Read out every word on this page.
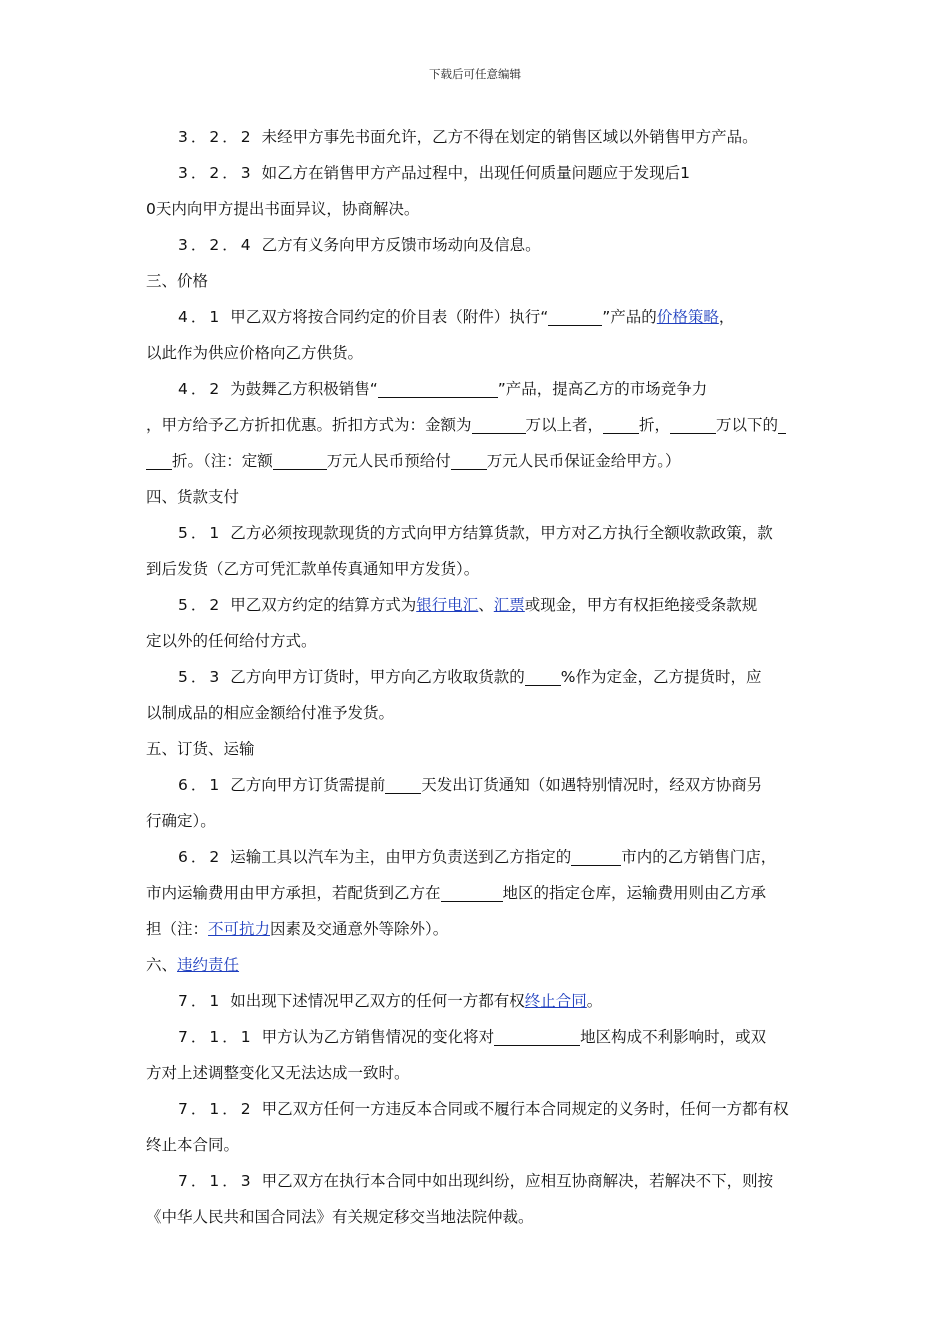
下载后可任意编辑
3．2．2 未经甲方事先书面允许，乙方不得在划定的销售区域以外销售甲方产品。
3．2．3 如乙方在销售甲方产品过程中，出现任何质量问题应于发现后1
0天内向甲方提出书面异议，协商解决。
3．2．4 乙方有义务向甲方反馈市场动向及信息。
三、价格
4．1 甲乙双方将按合同约定的价目表（附件）执行“	”产品的价格策略，
以此作为供应价格向乙方供货。
4．2 为鼓舞乙方积极销售“	”产品，提高乙方的市场竞争力
，甲方给予乙方折扣优惠。折扣方式为：金额为	万以上者， 折，	万以下的
折。（注：定额	万元人民币预给付 万元人民币保证金给甲方。）
四、货款支付
5．1 乙方必须按现款现货的方式向甲方结算货款，甲方对乙方执行全额收款政策，款
到后发货（乙方可凭汇款单传真通知甲方发货）。
5．2 甲乙双方约定的结算方式为银行电汇、汇票或现金，甲方有权拒绝接受条款规
定以外的任何给付方式。
5．3 乙方向甲方订货时，甲方向乙方收取货款的 %作为定金，乙方提货时，应
以制成品的相应金额给付准予发货。
五、订货、运输
6．1 乙方向甲方订货需提前 天发出订货通知（如遇特别情况时，经双方协商另
行确定）。
6．2 运输工具以汽车为主，由甲方负责送到乙方指定的	市内的乙方销售门店，
市内运输费用由甲方承担，若配货到乙方在	地区的指定仓库，运输费用则由乙方承
担（注：不可抗力因素及交通意外等除外）。
六、违约责任
7．1 如出现下述情况甲乙双方的任何一方都有权终止合同。
7．1．1 甲方认为乙方销售情况的变化将对	地区构成不利影响时，或双
方对上述调整变化又无法达成一致时。
7．1．2 甲乙双方任何一方违反本合同或不履行本合同规定的义务时，任何一方都有权
终止本合同。
7．1．3 甲乙双方在执行本合同中如出现纠纷，应相互协商解决，若解决不下，则按
《中华人民共和国合同法》有关规定移交当地法院仲裁。
